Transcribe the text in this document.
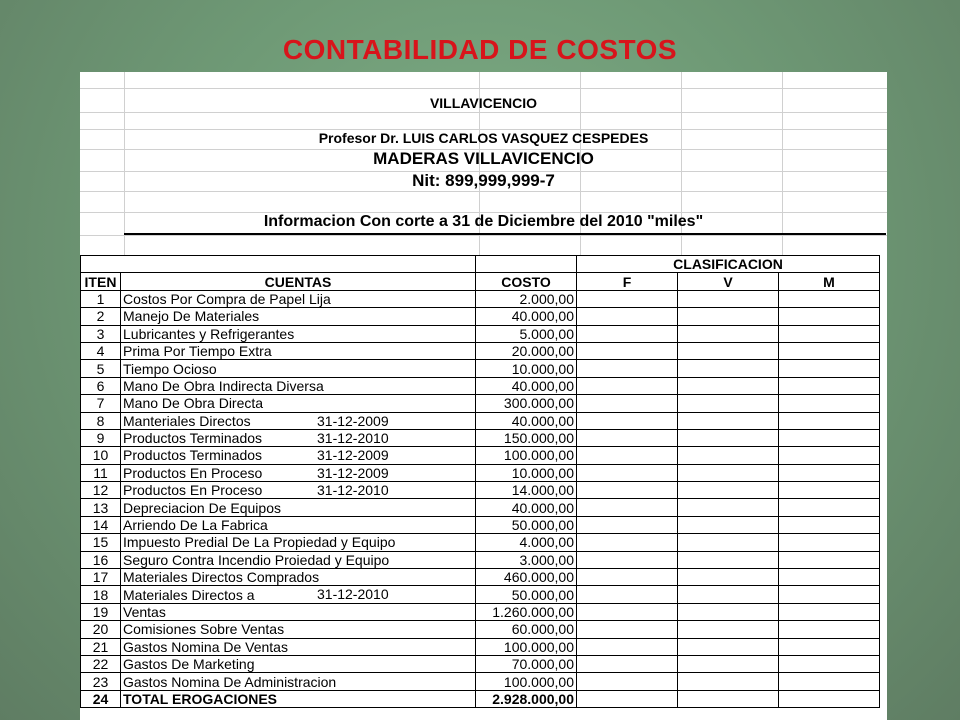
CONTABILIDAD DE COSTOS
VILLAVICENCIO
Profesor Dr. LUIS CARLOS VASQUEZ CESPEDES
MADERAS VILLAVICENCIO
Nit: 899,999,999-7
Informacion Con corte a 31 de Diciembre del 2010 "miles"
			CLASIFICACION		
ITEN	CUENTAS	COSTO	F	V	M
1	Costos Por Compra de Papel Lija	2.000,00			
2	Manejo De Materiales	40.000,00			
3	Lubricantes y Refrigerantes	5.000,00			
4	Prima Por Tiempo Extra	20.000,00			
5	Tiempo Ocioso	10.000,00			
6	Mano De Obra Indirecta Diversa	40.000,00			
7	Mano De Obra Directa	300.000,00			
8	Manteriales Directos 31-12-2009	40.000,00			
9	Productos Terminados 31-12-2010	150.000,00			
10	Productos Terminados 31-12-2009	100.000,00			
11	Productos En Proceso 31-12-2009	10.000,00			
12	Productos En Proceso 31-12-2010	14.000,00			
13	Depreciacion De Equipos	40.000,00			
14	Arriendo De La Fabrica	50.000,00			
15	Impuesto Predial De La Propiedad y Equipo	4.000,00			
16	Seguro Contra Incendio Proiedad y Equipo	3.000,00			
17	Materiales Directos Comprados	460.000,00			
18	Materiales Directos a 31-12-2010	50.000,00			
19	Ventas	1.260.000,00			
20	Comisiones Sobre Ventas	60.000,00			
21	Gastos Nomina De Ventas	100.000,00			
22	Gastos De Marketing	70.000,00			
23	Gastos Nomina De Administracion	100.000,00			
24	TOTAL EROGACIONES	2.928.000,00			
